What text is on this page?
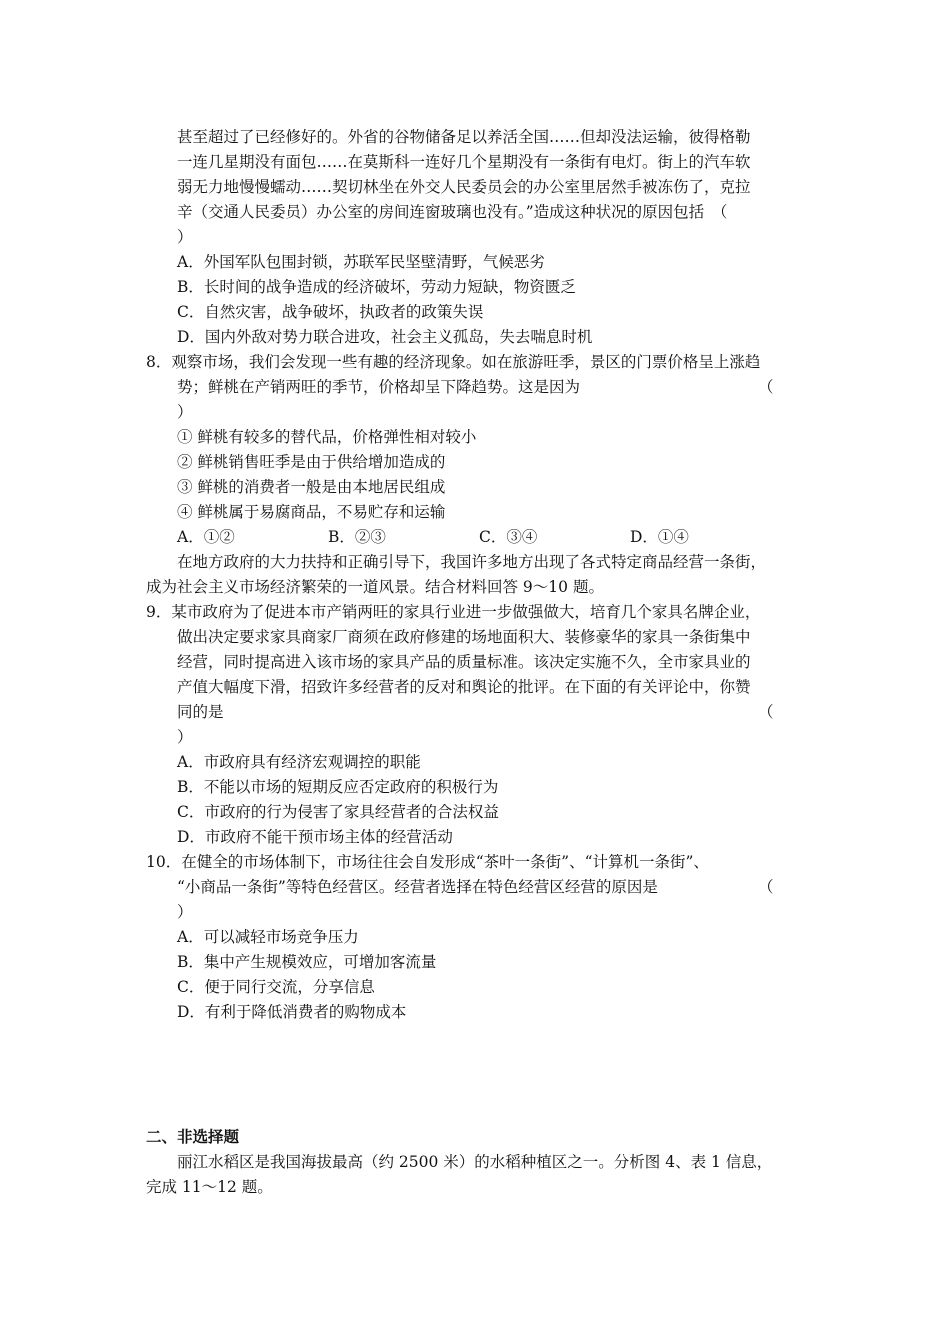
甚至超过了已经修好的。外省的谷物储备足以养活全国……但却没法运输，彼得格勒
一连几星期没有面包……在莫斯科一连好几个星期没有一条街有电灯。街上的汽车软
弱无力地慢慢蠕动……契切林坐在外交人民委员会的办公室里居然手被冻伤了，克拉
辛（交通人民委员）办公室的房间连窗玻璃也没有。”造成这种状况的原因包括　（
）
A．外国军队包围封锁，苏联军民坚壁清野，气候恶劣
B．长时间的战争造成的经济破坏，劳动力短缺，物资匮乏
C．自然灾害，战争破坏，执政者的政策失误
D．国内外敌对势力联合进攻，社会主义孤岛，失去喘息时机
8．观察市场，我们会发现一些有趣的经济现象。如在旅游旺季，景区的门票价格呈上涨趋
势；鲜桃在产销两旺的季节，价格却呈下降趋势。这是因为	（
）
① 鲜桃有较多的替代品，价格弹性相对较小
② 鲜桃销售旺季是由于供给增加造成的
③ 鲜桃的消费者一般是由本地居民组成
④ 鲜桃属于易腐商品，不易贮存和运输
A．①②	B．②③	C．③④	D．①④
在地方政府的大力扶持和正确引导下，我国许多地方出现了各式特定商品经营一条街，
成为社会主义市场经济繁荣的一道风景。结合材料回答 9～10 题。
9．某市政府为了促进本市产销两旺的家具行业进一步做强做大，培育几个家具名牌企业，
做出决定要求家具商家厂商须在政府修建的场地面积大、装修豪华的家具一条街集中
经营，同时提高进入该市场的家具产品的质量标准。该决定实施不久，全市家具业的
产值大幅度下滑，招致许多经营者的反对和舆论的批评。在下面的有关评论中，你赞
同的是	（
）
A．市政府具有经济宏观调控的职能
B．不能以市场的短期反应否定政府的积极行为
C．市政府的行为侵害了家具经营者的合法权益
D．市政府不能干预市场主体的经营活动
10．在健全的市场体制下，市场往往会自发形成“茶叶一条街”、“计算机一条街”、
“小商品一条街”等特色经营区。经营者选择在特色经营区经营的原因是	（
）
A．可以减轻市场竞争压力
B．集中产生规模效应，可增加客流量
C．便于同行交流，分享信息
D．有利于降低消费者的购物成本
二、非选择题
丽江水稻区是我国海拔最高（约 2500 米）的水稻种植区之一。分析图 4、表 1 信息，
完成 11～12 题。
